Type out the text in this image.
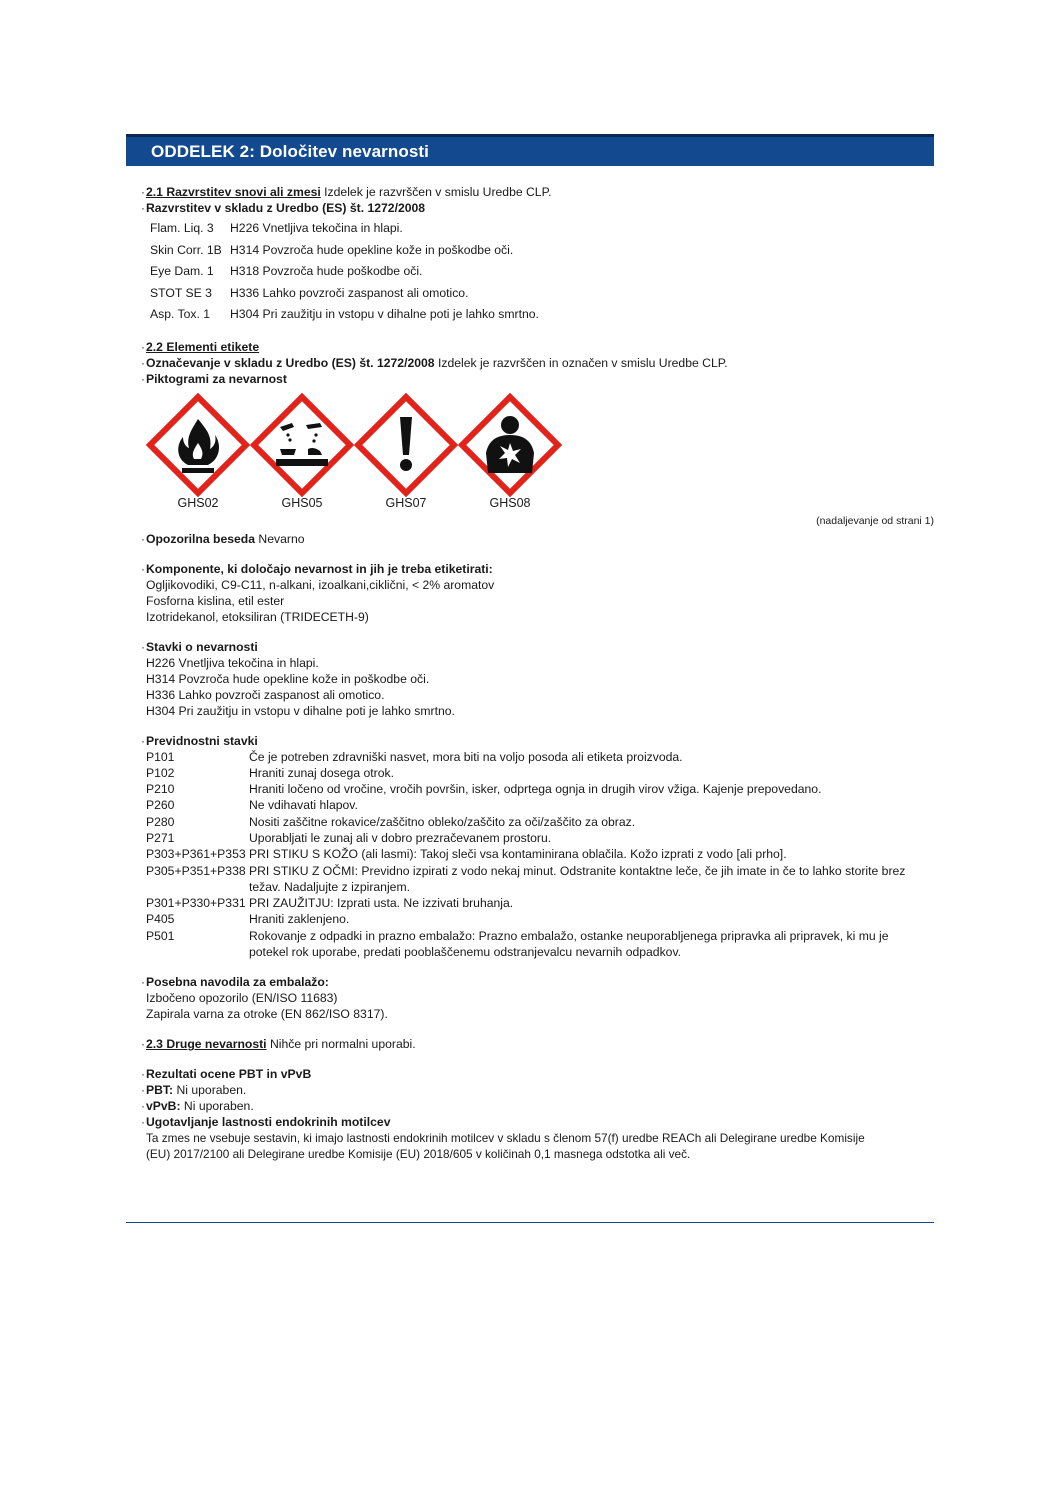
ODDELEK 2: Določitev nevarnosti
· 2.1 Razvrstitev snovi ali zmesi Izdelek je razvrščen v smislu Uredbe CLP.
· Razvrstitev v skladu z Uredbo (ES) št. 1272/2008
Flam. Liq. 3	H226 Vnetljiva tekočina in hlapi.
Skin Corr. 1B H314 Povzroča hude opekline kože in poškodbe oči.
Eye Dam. 1	H318 Povzroča hude poškodbe oči.
STOT SE 3	H336 Lahko povzroči zaspanost ali omotico.
Asp. Tox. 1	H304 Pri zaužitju in vstopu v dihalne poti je lahko smrtno.
· 2.2 Elementi etikete
· Označevanje v skladu z Uredbo (ES) št. 1272/2008 Izdelek je razvrščen in označen v smislu Uredbe CLP.
· Piktogrami za nevarnost
GHS02	GHS05	GHS07	GHS08
(nadaljevanje od strani 1)
· Opozorilna beseda Nevarno
· Komponente, ki določajo nevarnost in jih je treba etiketirati:
Ogljikovodiki, C9-C11, n-alkani, izoalkani,ciklični, < 2% aromatov
Fosforna kislina, etil ester
Izotridekanol, etoksiliran (TRIDECETH-9)
· Stavki o nevarnosti
H226 Vnetljiva tekočina in hlapi.
H314 Povzroča hude opekline kože in poškodbe oči.
H336 Lahko povzroči zaspanost ali omotico.
H304 Pri zaužitju in vstopu v dihalne poti je lahko smrtno.
· Previdnostni stavki
P101	Če je potreben zdravniški nasvet, mora biti na voljo posoda ali etiketa proizvoda.
P102	Hraniti zunaj dosega otrok.
P210	Hraniti ločeno od vročine, vročih površin, isker, odprtega ognja in drugih virov vžiga. Kajenje prepovedano.
P260	Ne vdihavati hlapov.
P280	Nositi zaščitne rokavice/zaščitno obleko/zaščito za oči/zaščito za obraz.
P271	Uporabljati le zunaj ali v dobro prezračevanem prostoru.
P303+P361+P353 PRI STIKU S KOŽO (ali lasmi): Takoj sleči vsa kontaminirana oblačila. Kožo izprati z vodo [ali prho].
P305+P351+P338 PRI STIKU Z OČMI: Previdno izpirati z vodo nekaj minut. Odstranite kontaktne leče, če jih imate in če to lahko storite brez težav. Nadaljujte z izpiranjem.
P301+P330+P331 PRI ZAUŽITJU: Izprati usta. Ne izzivati bruhanja.
P405	Hraniti zaklenjeno.
P501	Rokovanje z odpadki in prazno embalažo: Prazno embalažo, ostanke neuporabljenega pripravka ali pripravek, ki mu je potekel rok uporabe, predati pooblaščenemu odstranjevalcu nevarnih odpadkov.
· Posebna navodila za embalažo:
Izbočeno opozorilo (EN/ISO 11683)
Zapirala varna za otroke (EN 862/ISO 8317).
· 2.3 Druge nevarnosti Nihče pri normalni uporabi.
· Rezultati ocene PBT in vPvB
· PBT: Ni uporaben.
· vPvB: Ni uporaben.
· Ugotavljanje lastnosti endokrinih motilcev
Ta zmes ne vsebuje sestavin, ki imajo lastnosti endokrinih motilcev v skladu s členom 57(f) uredbe REACh ali Delegirane uredbe Komisije
(EU) 2017/2100 ali Delegirane uredbe Komisije (EU) 2018/605 v količinah 0,1 masnega odstotka ali več.
